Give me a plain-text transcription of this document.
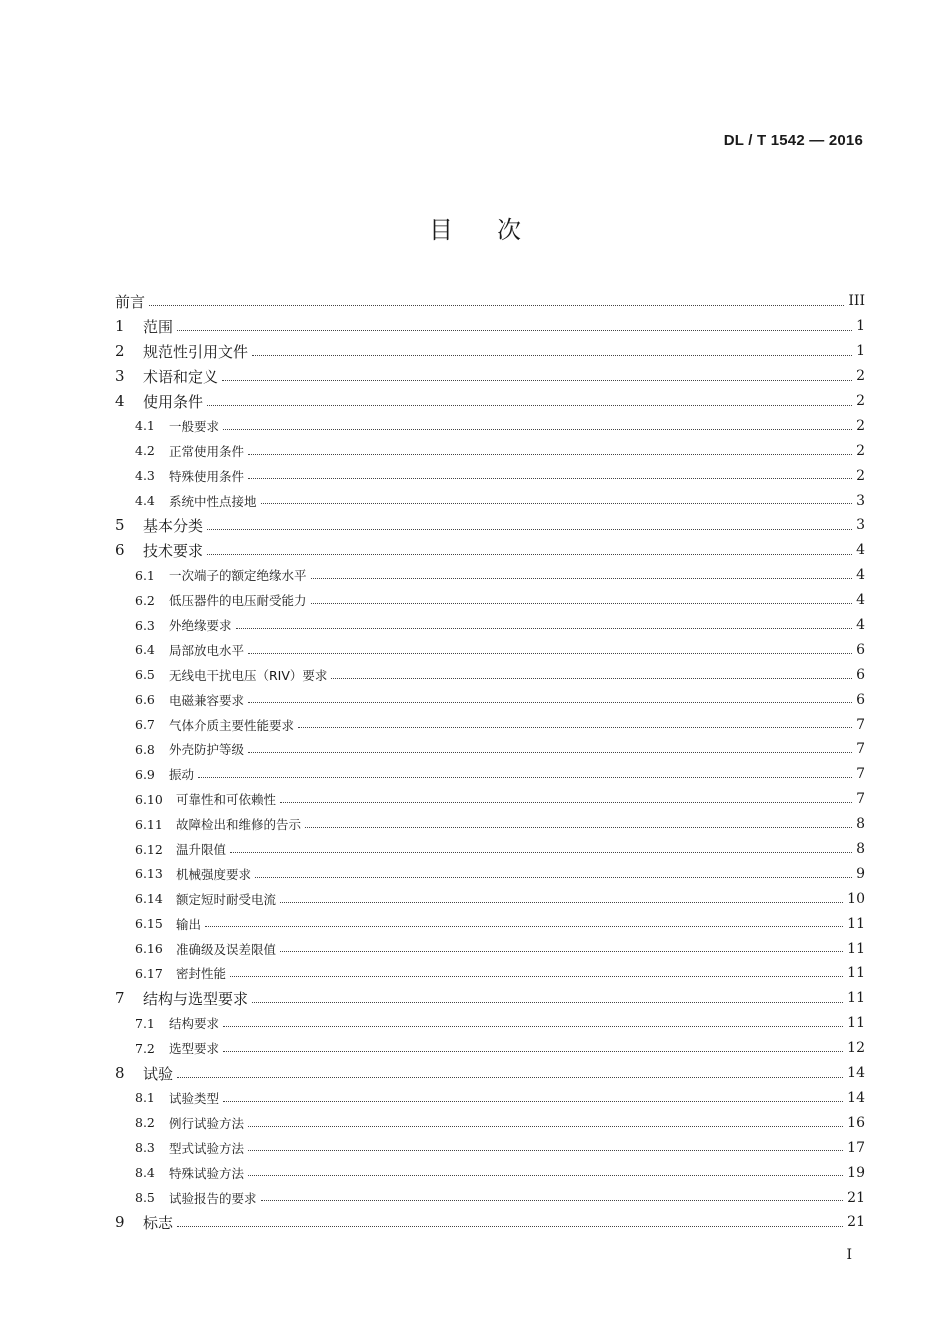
DL / T 1542 — 2016
目次
前言	III
1	范围	1
2	规范性引用文件	1
3	术语和定义	2
4	使用条件	2
4.1	一般要求	2
4.2	正常使用条件	2
4.3	特殊使用条件	2
4.4	系统中性点接地	3
5	基本分类	3
6	技术要求	4
6.1	一次端子的额定绝缘水平	4
6.2	低压器件的电压耐受能力	4
6.3	外绝缘要求	4
6.4	局部放电水平	6
6.5	无线电干扰电压（RIV）要求	6
6.6	电磁兼容要求	6
6.7	气体介质主要性能要求	7
6.8	外壳防护等级	7
6.9	振动	7
6.10	可靠性和可依赖性	7
6.11	故障检出和维修的告示	8
6.12	温升限值	8
6.13	机械强度要求	9
6.14	额定短时耐受电流	10
6.15	输出	11
6.16	准确级及误差限值	11
6.17	密封性能	11
7	结构与选型要求	11
7.1	结构要求	11
7.2	选型要求	12
8	试验	14
8.1	试验类型	14
8.2	例行试验方法	16
8.3	型式试验方法	17
8.4	特殊试验方法	19
8.5	试验报告的要求	21
9	标志	21
I
